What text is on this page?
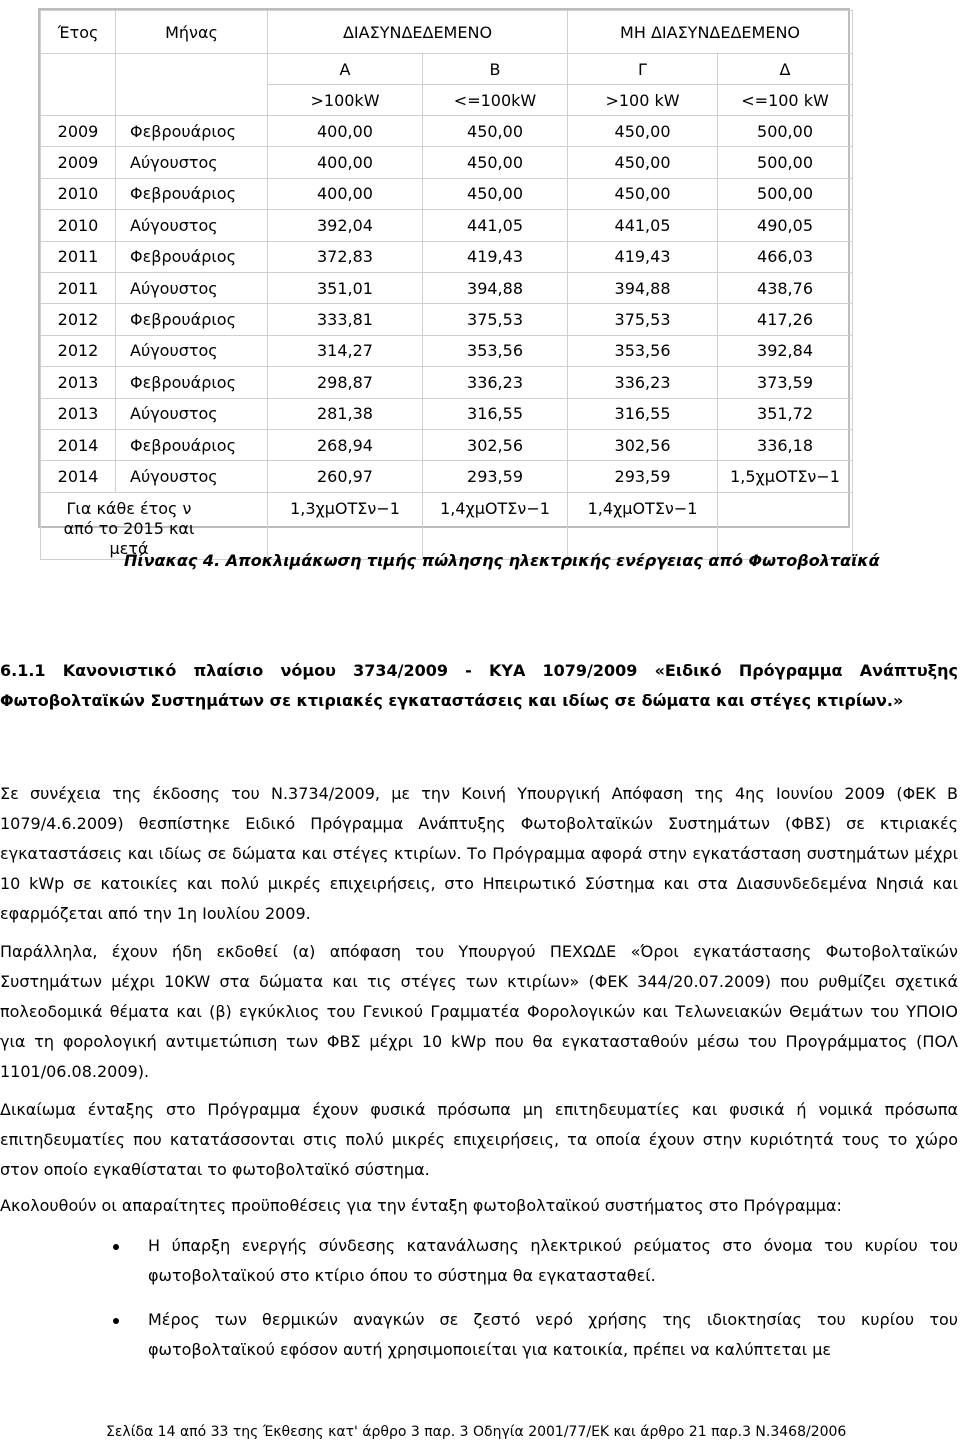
Έτος	Μήνας	ΔΙΑΣΥΝΔΕΔΕΜΕΝΟ		ΜΗ ΔΙΑΣΥΝΔΕΔΕΜΕΝΟ	
		Α	Β	Γ	Δ
		>100kW	<=100kW	>100 kW	<=100 kW
2009	Φεβρουάριος	400,00	450,00	450,00	500,00
2009	Αύγουστος	400,00	450,00	450,00	500,00
2010	Φεβρουάριος	400,00	450,00	450,00	500,00
2010	Αύγουστος	392,04	441,05	441,05	490,05
2011	Φεβρουάριος	372,83	419,43	419,43	466,03
2011	Αύγουστος	351,01	394,88	394,88	438,76
2012	Φεβρουάριος	333,81	375,53	375,53	417,26
2012	Αύγουστος	314,27	353,56	353,56	392,84
2013	Φεβρουάριος	298,87	336,23	336,23	373,59
2013	Αύγουστος	281,38	316,55	316,55	351,72
2014	Φεβρουάριος	268,94	302,56	302,56	336,18
2014	Αύγουστος	260,97	293,59	293,59	1,5χμΟΤΣν−1
Για κάθε έτος ν από το 2015 και μετά		1,3χμΟΤΣν−1	1,4χμΟΤΣν−1	1,4χμΟΤΣν−1	
Πίνακας 4. Αποκλιμάκωση τιμής πώλησης ηλεκτρικής ενέργειας από Φωτοβολταϊκά
6.1.1 Κανονιστικό πλαίσιο νόμου 3734/2009 - ΚΥΑ 1079/2009 «Ειδικό Πρόγραμμα Ανάπτυξης Φωτοβολταϊκών Συστημάτων σε κτιριακές εγκαταστάσεις και ιδίως σε δώματα και στέγες κτιρίων.»

Σε συνέχεια της έκδοσης του Ν.3734/2009, με την Κοινή Υπουργική Απόφαση της 4ης Ιουνίου 2009 (ΦΕΚ Β 1079/4.6.2009) θεσπίστηκε Ειδικό Πρόγραμμα Ανάπτυξης Φωτοβολταϊκών Συστημάτων (ΦΒΣ) σε κτιριακές εγκαταστάσεις και ιδίως σε δώματα και στέγες κτιρίων. Το Πρόγραμμα αφορά στην εγκατάσταση συστημάτων μέχρι 10 kWp σε κατοικίες και πολύ μικρές επιχειρήσεις, στο Ηπειρωτικό Σύστημα και στα Διασυνδεδεμένα Νησιά και εφαρμόζεται από την 1η Ιουλίου 2009.

Παράλληλα, έχουν ήδη εκδοθεί (α) απόφαση του Υπουργού ΠΕΧΩΔΕ «Όροι εγκατάστασης Φωτοβολταϊκών Συστημάτων μέχρι 10KW στα δώματα και τις στέγες των κτιρίων» (ΦΕΚ 344/20.07.2009) που ρυθμίζει σχετικά πολεοδομικά θέματα και (β) εγκύκλιος του Γενικού Γραμματέα Φορολογικών και Τελωνειακών Θεμάτων του ΥΠΟΙΟ για τη φορολογική αντιμετώπιση των ΦΒΣ μέχρι 10 kWp που θα εγκατασταθούν μέσω του Προγράμματος (ΠΟΛ 1101/06.08.2009).

Δικαίωμα ένταξης στο Πρόγραμμα έχουν φυσικά πρόσωπα μη επιτηδευματίες και φυσικά ή νομικά πρόσωπα επιτηδευματίες που κατατάσσονται στις πολύ μικρές επιχειρήσεις, τα οποία έχουν στην κυριότητά τους το χώρο στον οποίο εγκαθίσταται το φωτοβολταϊκό σύστημα.

Ακολουθούν οι απαραίτητες προϋποθέσεις για την ένταξη φωτοβολταϊκού συστήματος στο Πρόγραμμα:

Η ύπαρξη ενεργής σύνδεσης κατανάλωσης ηλεκτρικού ρεύματος στο όνομα του κυρίου του φωτοβολταϊκού στο κτίριο όπου το σύστημα θα εγκατασταθεί.
Μέρος των θερμικών αναγκών σε ζεστό νερό χρήσης της ιδιοκτησίας του κυρίου του φωτοβολταϊκού εφόσον αυτή χρησιμοποιείται για κατοικία, πρέπει να καλύπτεται με
Σελίδα 14 από 33 της Έκθεσης κατ' άρθρο 3 παρ. 3 Οδηγία 2001/77/ΕΚ και άρθρο 21 παρ.3 Ν.3468/2006
